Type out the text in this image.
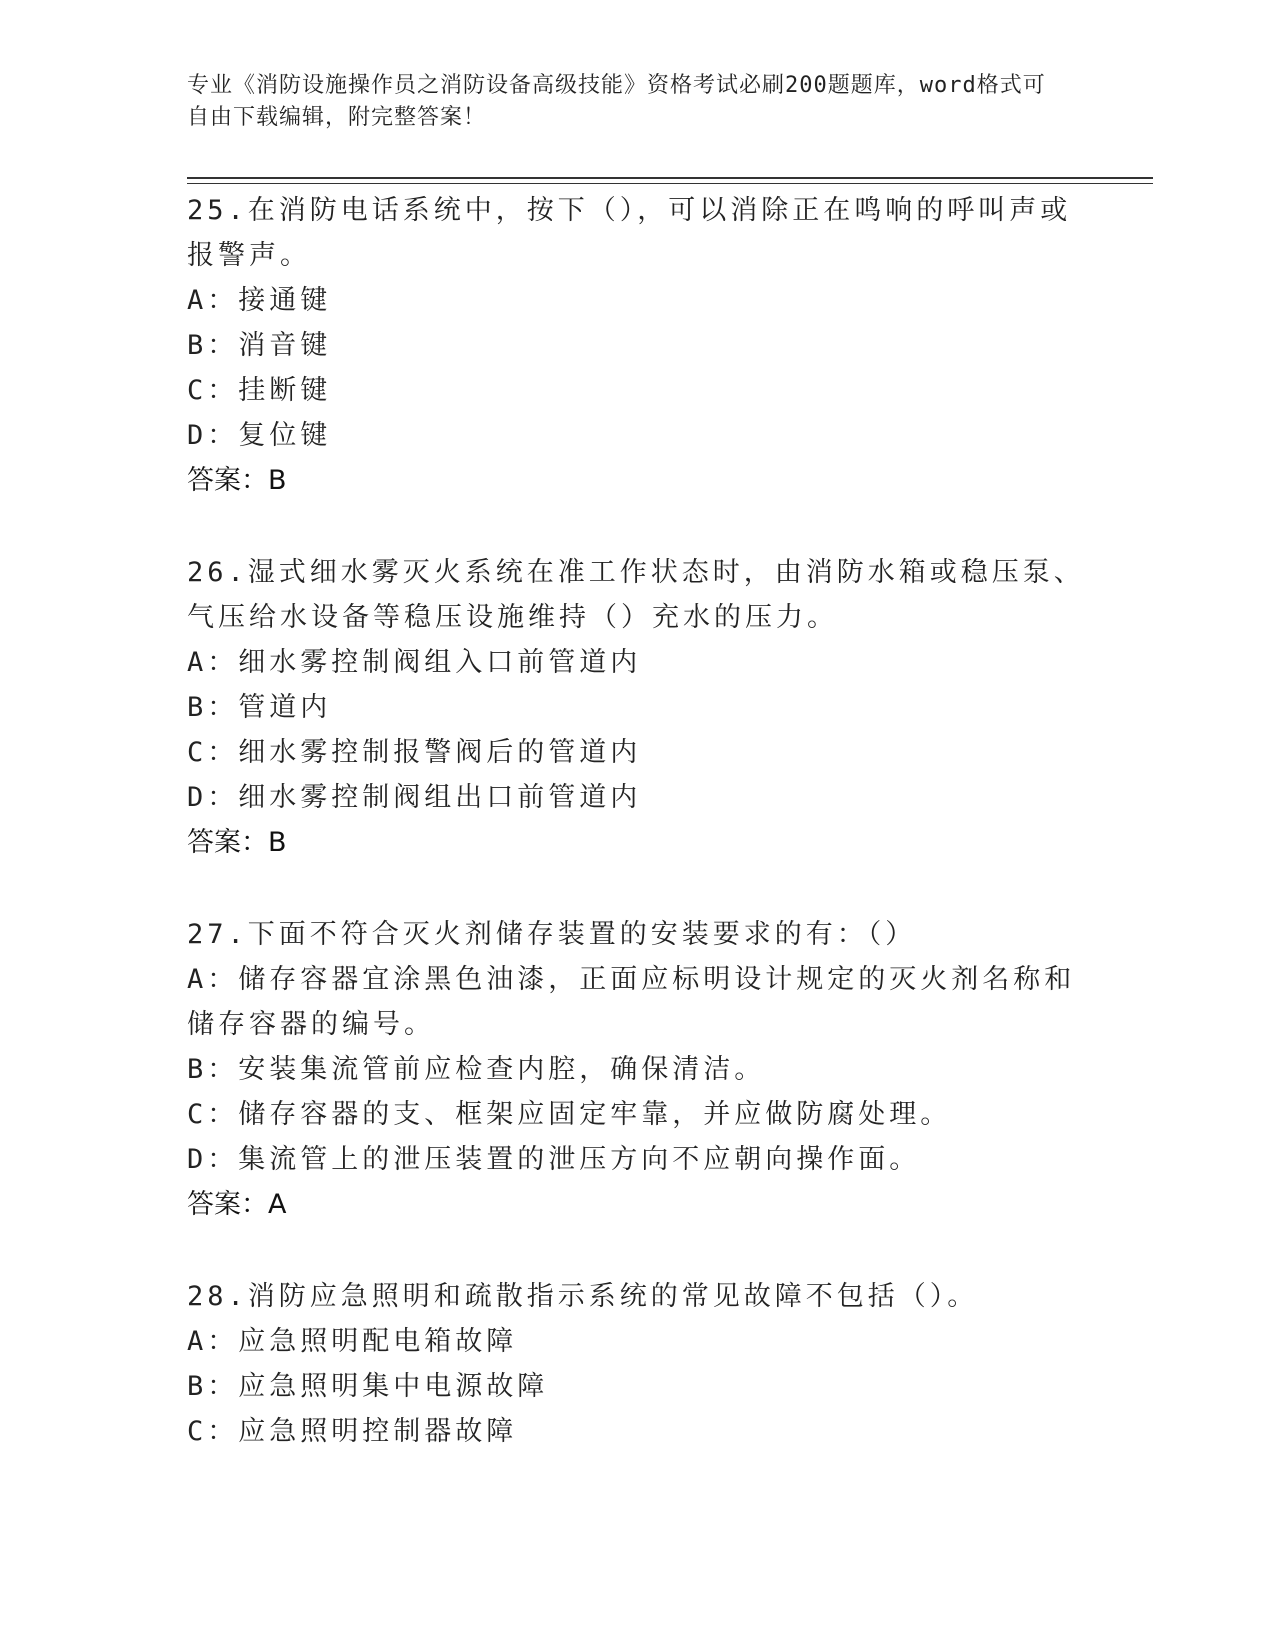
专业《消防设施操作员之消防设备高级技能》资格考试必刷200题题库，word格式可自由下载编辑，附完整答案！

25.在消防电话系统中，按下（），可以消除正在鸣响的呼叫声或报警声。

A：接通键

B：消音键

C：挂断键

D：复位键

答案：B

26.湿式细水雾灭火系统在准工作状态时，由消防水箱或稳压泵、气压给水设备等稳压设施维持（）充水的压力。

A：细水雾控制阀组入口前管道内

B：管道内

C：细水雾控制报警阀后的管道内

D：细水雾控制阀组出口前管道内

答案：B

27.下面不符合灭火剂储存装置的安装要求的有：（）

A：储存容器宜涂黑色油漆，正面应标明设计规定的灭火剂名称和储存容器的编号。

B：安装集流管前应检查内腔，确保清洁。

C：储存容器的支、框架应固定牢靠，并应做防腐处理。

D：集流管上的泄压装置的泄压方向不应朝向操作面。

答案：A

28.消防应急照明和疏散指示系统的常见故障不包括（）。

A：应急照明配电箱故障

B：应急照明集中电源故障

C：应急照明控制器故障
